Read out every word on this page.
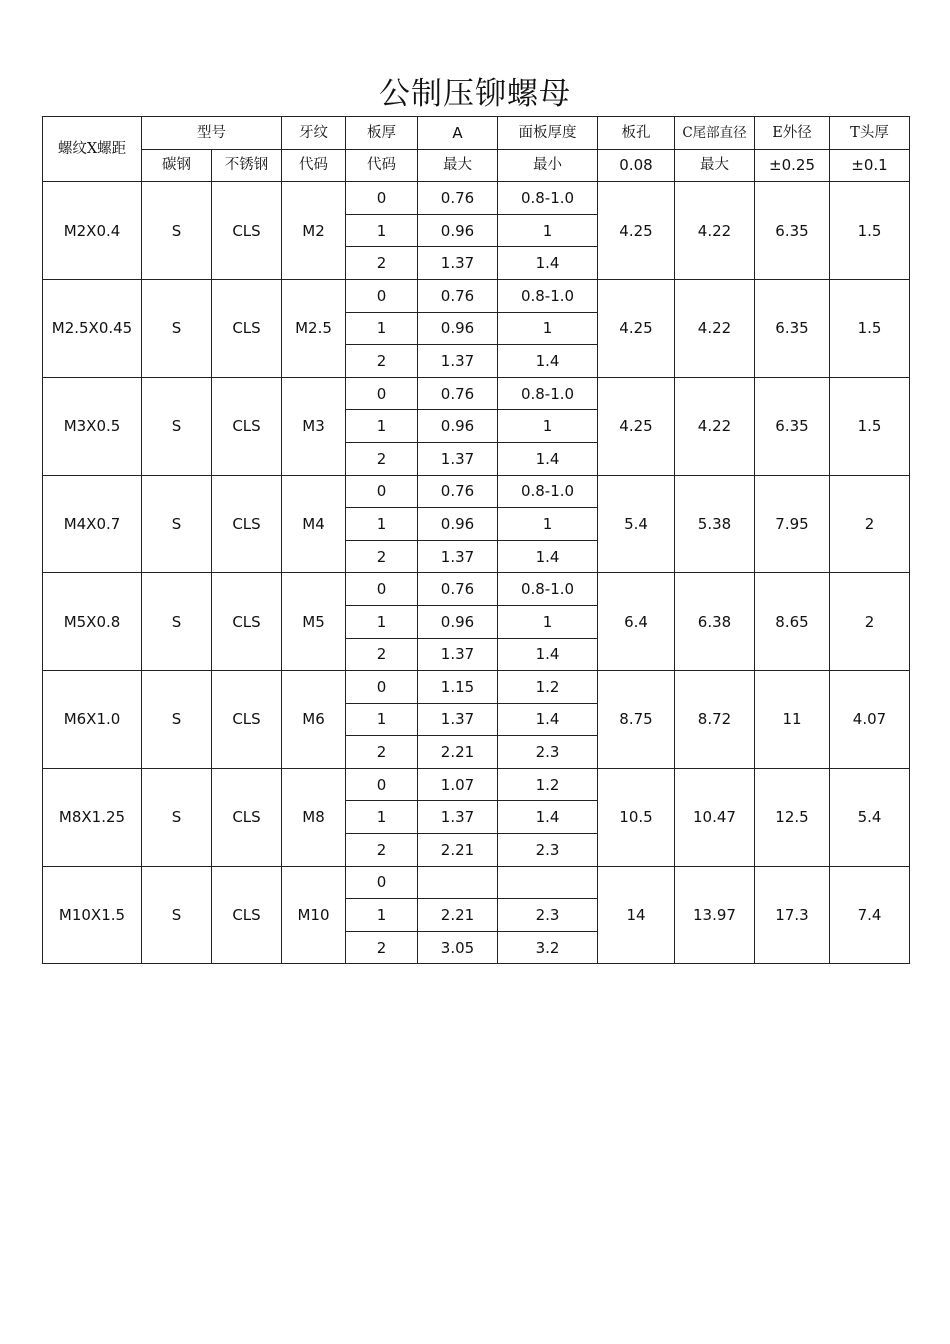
公制压铆螺母
螺纹X螺距	型号		牙纹	板厚	A	面板厚度	板孔	C尾部直径	E外径	T头厚
	碳钢	不锈钢	代码	代码	最大	最小	0.08	最大	±0.25	±0.1
M2X0.4	S	CLS	M2	0	0.76	0.8-1.0	4.25	4.22	6.35	1.5
				1	0.96	1				
				2	1.37	1.4				
M2.5X0.45	S	CLS	M2.5	0	0.76	0.8-1.0	4.25	4.22	6.35	1.5
				1	0.96	1				
				2	1.37	1.4				
M3X0.5	S	CLS	M3	0	0.76	0.8-1.0	4.25	4.22	6.35	1.5
				1	0.96	1				
				2	1.37	1.4				
M4X0.7	S	CLS	M4	0	0.76	0.8-1.0	5.4	5.38	7.95	2
				1	0.96	1				
				2	1.37	1.4				
M5X0.8	S	CLS	M5	0	0.76	0.8-1.0	6.4	6.38	8.65	2
				1	0.96	1				
				2	1.37	1.4				
M6X1.0	S	CLS	M6	0	1.15	1.2	8.75	8.72	11	4.07
				1	1.37	1.4				
				2	2.21	2.3				
M8X1.25	S	CLS	M8	0	1.07	1.2	10.5	10.47	12.5	5.4
				1	1.37	1.4				
				2	2.21	2.3				
M10X1.5	S	CLS	M10	0			14	13.97	17.3	7.4
				1	2.21	2.3				
				2	3.05	3.2				
